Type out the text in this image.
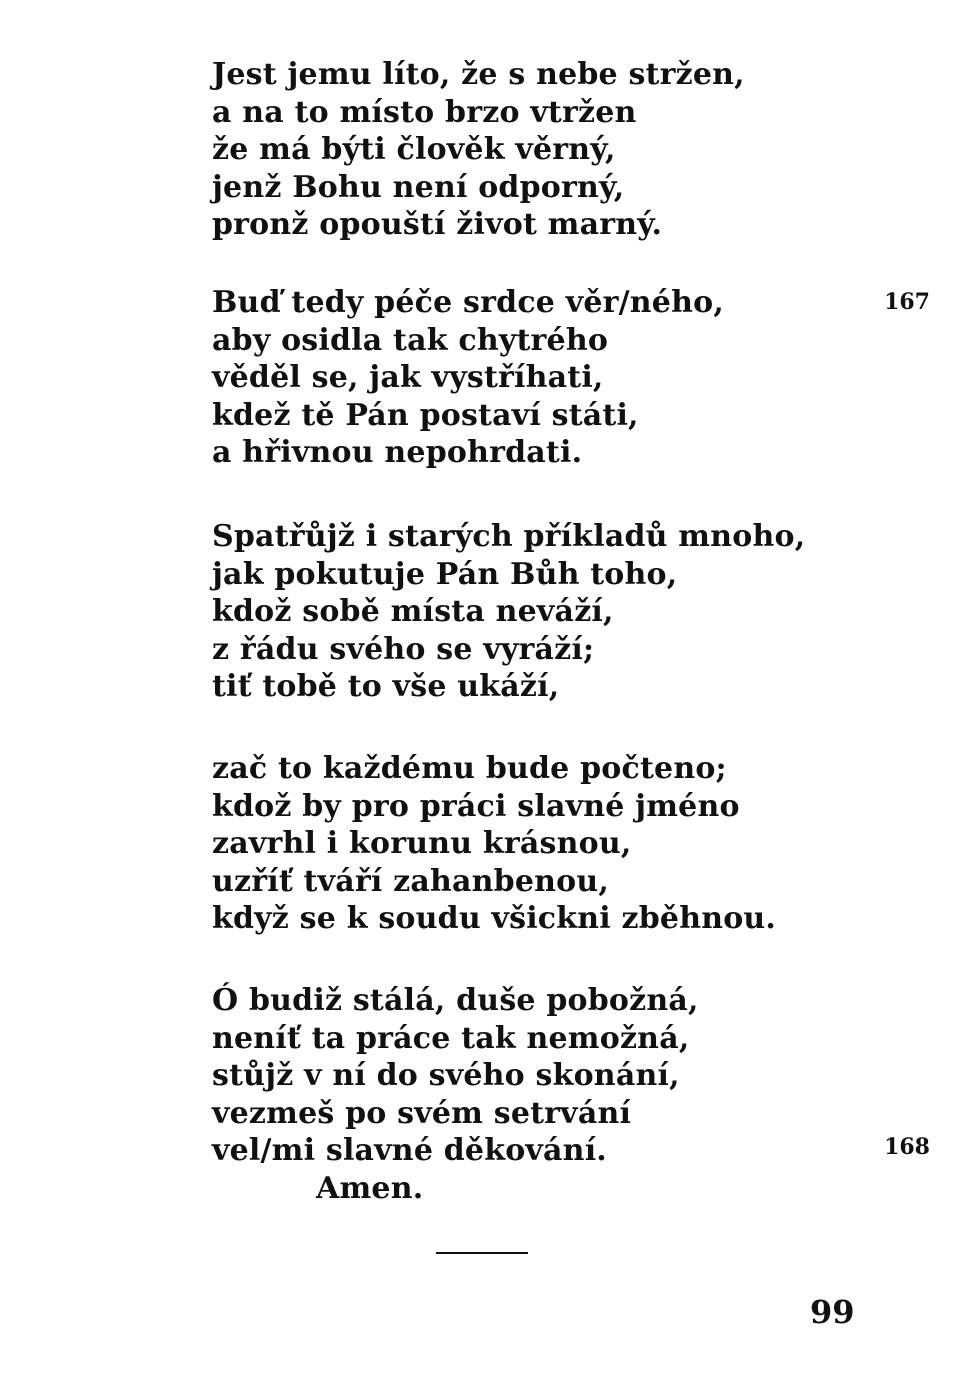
Jest jemu líto, že s nebe stržen,
a na to místo brzo vtržen
že má býti člověk věrný,
jenž Bohu není odporný,
pronž opouští život marný.
Buď tedy péče srdce věr/ného,
aby osidla tak chytrého
věděl se, jak vystříhati,
kdež tě Pán postaví státi,
a hřivnou nepohrdati.
Spatřůjž i starých příkladů mnoho,
jak pokutuje Pán Bůh toho,
kdož sobě místa neváží,
z řádu svého se vyráží;
tiť tobě to vše ukáží,
zač to každému bude počteno;
kdož by pro práci slavné jméno
zavrhl i korunu krásnou,
uzříť tváří zahanbenou,
když se k soudu všickni zběhnou.
Ó budiž stálá, duše pobožná,
neníť ta práce tak nemožná,
stůjž v ní do svého skonání,
vezmeš po svém setrvání
vel/mi slavné děkování.
Amen.
167
168
99
